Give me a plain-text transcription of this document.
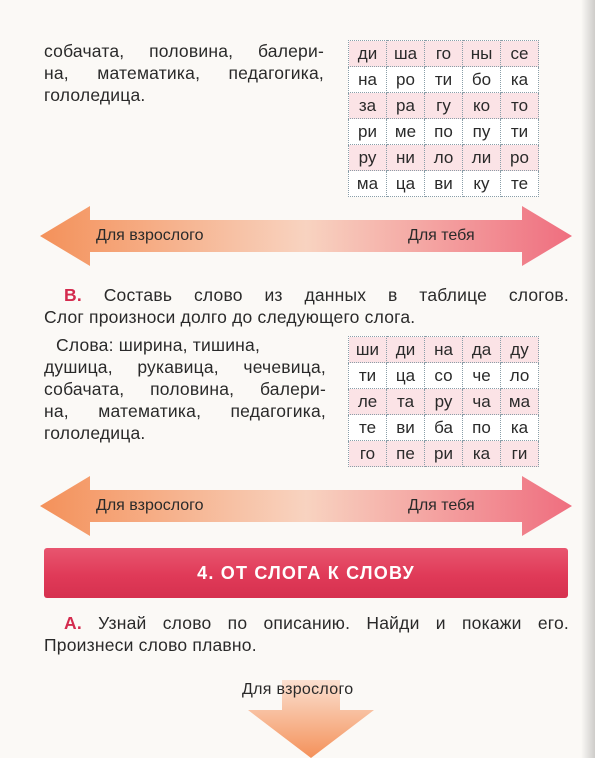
собачата, половина, балери-
на, математика, педагогика,
гололедица.
ди	ша	го	ны	се
на	ро	ти	бо	ка
за	ра	гу	ко	то
ри	ме	по	пу	ти
ру	ни	ло	ли	ро
ма	ца	ви	ку	те
Для взрослого	Для тебя
В. Составь слово из данных в таблице слогов.
Слог произноси долго до следующего слога.
Слова: ширина, тишина,
душица, рукавица, чечевица,
собачата, половина, балери-
на, математика, педагогика,
гололедица.
ши	ди	на	да	ду
ти	ца	со	че	ло
ле	та	ру	ча	ма
те	ви	ба	по	ка
го	пе	ри	ка	ги
Для взрослого	Для тебя
4. ОТ СЛОГА К СЛОВУ
А. Узнай слово по описанию. Найди и покажи его.
Произнеси слово плавно.
Для взрослого
